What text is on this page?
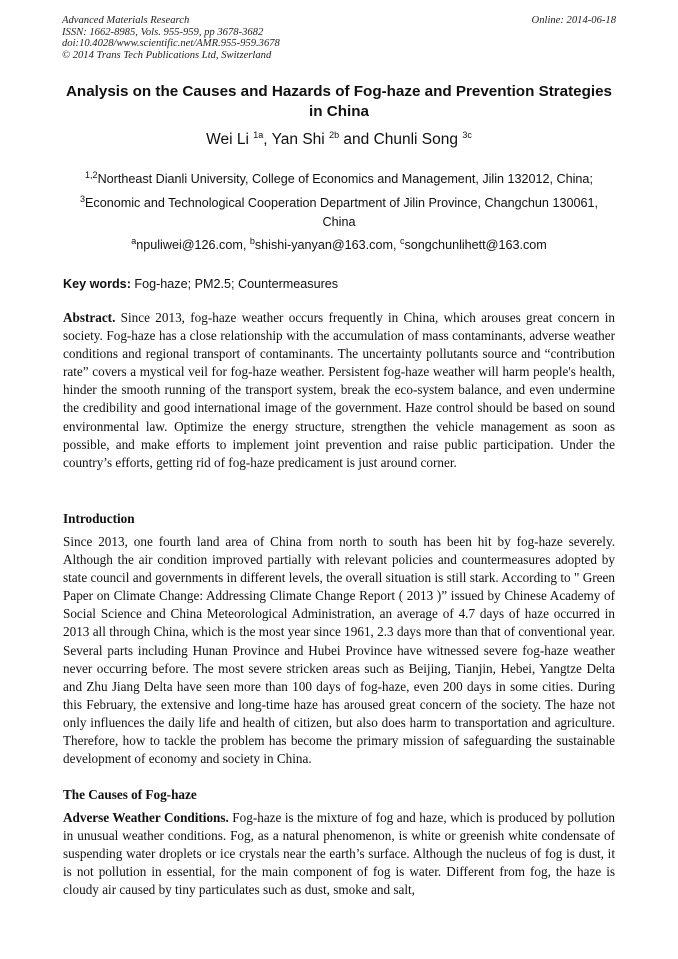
Advanced Materials Research
ISSN: 1662-8985, Vols. 955-959, pp 3678-3682
doi:10.4028/www.scientific.net/AMR.955-959.3678
© 2014 Trans Tech Publications Ltd, Switzerland
Online: 2014-06-18
Analysis on the Causes and Hazards of Fog-haze and Prevention Strategies in China
Wei Li $^{1a}$, Yan Shi $^{2b}$ and Chunli Song $^{3c}$
$^{1,2}$Northeast Dianli University, College of Economics and Management, Jilin 132012, China;
$^3$Economic and Technological Cooperation Department of Jilin Province, Changchun 130061, China
$^a$npuliwei@126.com, $^b$shishi-yanyan@163.com, $^c$songchunlihett@163.com
Key words: Fog-haze; PM2.5; Countermeasures
Abstract. Since 2013, fog-haze weather occurs frequently in China, which arouses great concern in society. Fog-haze has a close relationship with the accumulation of mass contaminants, adverse weather conditions and regional transport of contaminants. The uncertainty pollutants source and “contribution rate” covers a mystical veil for fog-haze weather. Persistent fog-haze weather will harm people's health, hinder the smooth running of the transport system, break the eco-system balance, and even undermine the credibility and good international image of the government. Haze control should be based on sound environmental law. Optimize the energy structure, strengthen the vehicle management as soon as possible, and make efforts to implement joint prevention and raise public participation. Under the country’s efforts, getting rid of fog-haze predicament is just around corner.
Introduction
Since 2013, one fourth land area of China from north to south has been hit by fog-haze severely. Although the air condition improved partially with relevant policies and countermeasures adopted by state council and governments in different levels, the overall situation is still stark. According to " Green Paper on Climate Change: Addressing Climate Change Report ( 2013 )” issued by Chinese Academy of Social Science and China Meteorological Administration, an average of 4.7 days of haze occurred in 2013 all through China, which is the most year since 1961, 2.3 days more than that of conventional year. Several parts including Hunan Province and Hubei Province have witnessed severe fog-haze weather never occurring before. The most severe stricken areas such as Beijing, Tianjin, Hebei, Yangtze Delta and Zhu Jiang Delta have seen more than 100 days of fog-haze, even 200 days in some cities. During this February, the extensive and long-time haze has aroused great concern of the society. The haze not only influences the daily life and health of citizen, but also does harm to transportation and agriculture. Therefore, how to tackle the problem has become the primary mission of safeguarding the sustainable development of economy and society in China.
The Causes of Fog-haze
Adverse Weather Conditions. Fog-haze is the mixture of fog and haze, which is produced by pollution in unusual weather conditions. Fog, as a natural phenomenon, is white or greenish white condensate of suspending water droplets or ice crystals near the earth’s surface. Although the nucleus of fog is dust, it is not pollution in essential, for the main component of fog is water. Different from fog, the haze is cloudy air caused by tiny particulates such as dust, smoke and salt,
